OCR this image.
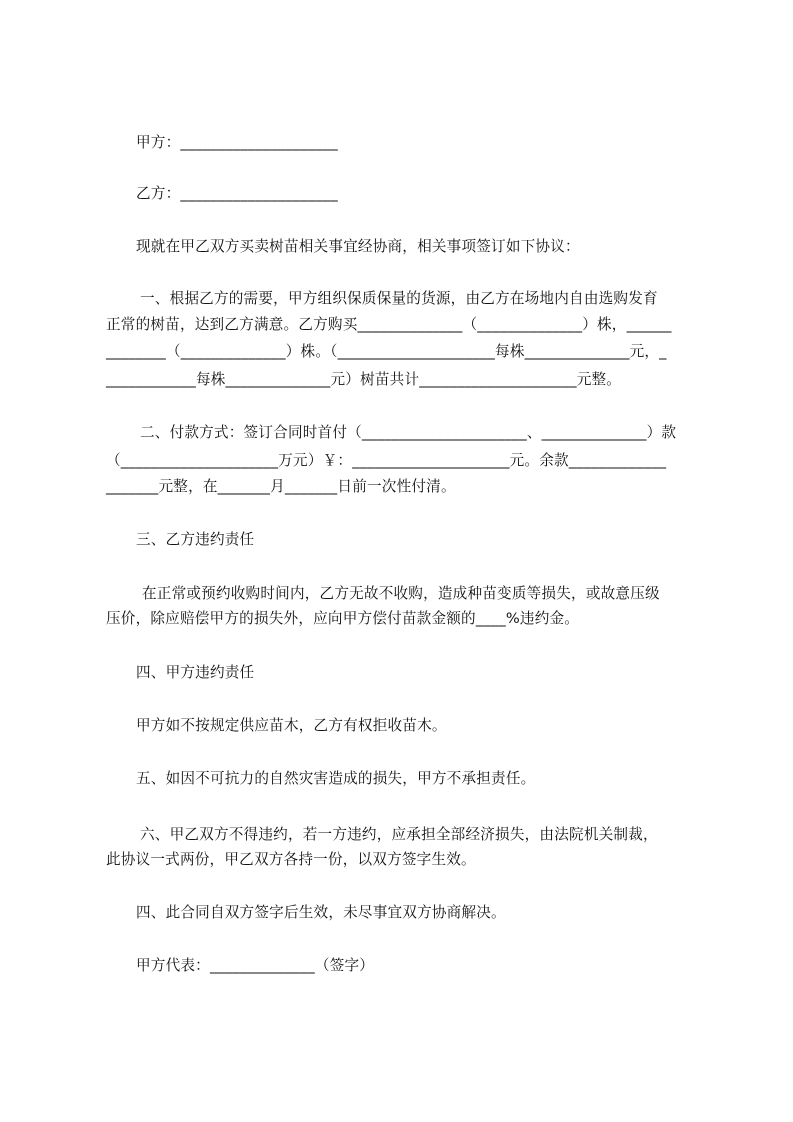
甲方：_____________________
乙方：_____________________
现就在甲乙双方买卖树苗相关事宜经协商，相关事项签订如下协议：
一、根据乙方的需要，甲方组织保质保量的货源，由乙方在场地内自由选购发育
正常的树苗，达到乙方满意。乙方购买______________（______________）株，______
________（______________）株。（_____________________每株______________元，_
____________每株______________元）树苗共计_____________________元整。
二、付款方式：签订合同时首付（______________________、______________）款
（_____________________万元）￥：_____________________元。余款_____________
_______元整，在_______月_______日前一次性付清。
三、乙方违约责任
在正常或预约收购时间内，乙方无故不收购，造成种苗变质等损失，或故意压级
压价，除应赔偿甲方的损失外，应向甲方偿付苗款金额的____%违约金。
四、甲方违约责任
甲方如不按规定供应苗木，乙方有权拒收苗木。
五、如因不可抗力的自然灾害造成的损失，甲方不承担责任。
六、甲乙双方不得违约，若一方违约，应承担全部经济损失，由法院机关制裁，
此协议一式两份，甲乙双方各持一份，以双方签字生效。
四、此合同自双方签字后生效，未尽事宜双方协商解决。
甲方代表：______________（签字）
